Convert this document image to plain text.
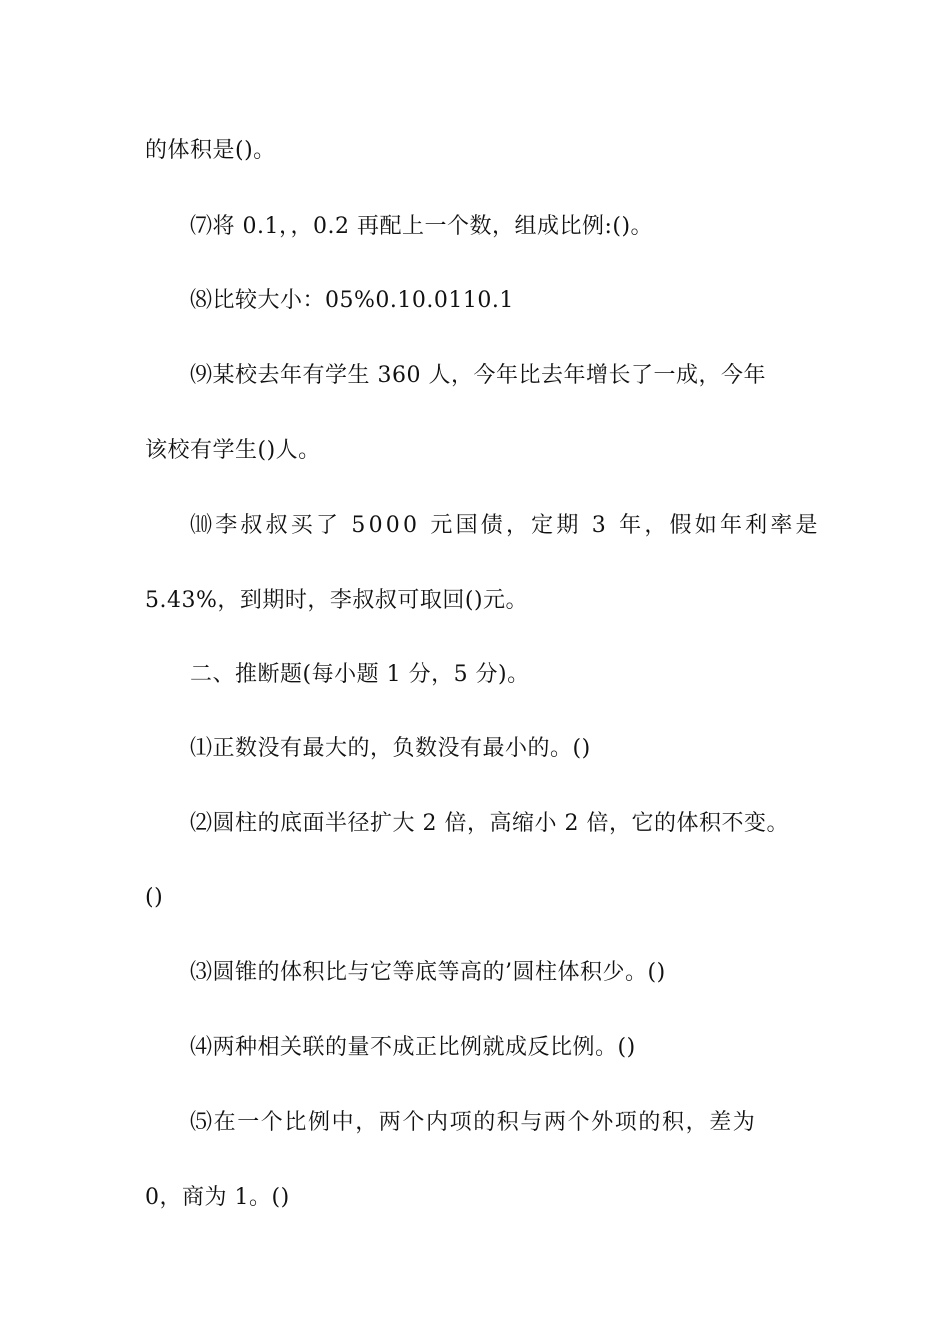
的体积是()。
⑺将 0.1，，0.2 再配上一个数，组成比例:()。
⑻比较大小：05%0.10.0110.1
⑼某校去年有学生 360 人，今年比去年增长了一成，今年
该校有学生()人。
⑽李叔叔买了 5000 元国债，定期 3 年，假如年利率是
5.43%，到期时，李叔叔可取回()元。
二、推断题(每小题 1 分，5 分)。
⑴正数没有最大的，负数没有最小的。()
⑵圆柱的底面半径扩大 2 倍，高缩小 2 倍，它的体积不变。
()
⑶圆锥的体积比与它等底等高的’圆柱体积少。()
⑷两种相关联的量不成正比例就成反比例。()
⑸在一个比例中，两个内项的积与两个外项的积，差为
0，商为 1。()
